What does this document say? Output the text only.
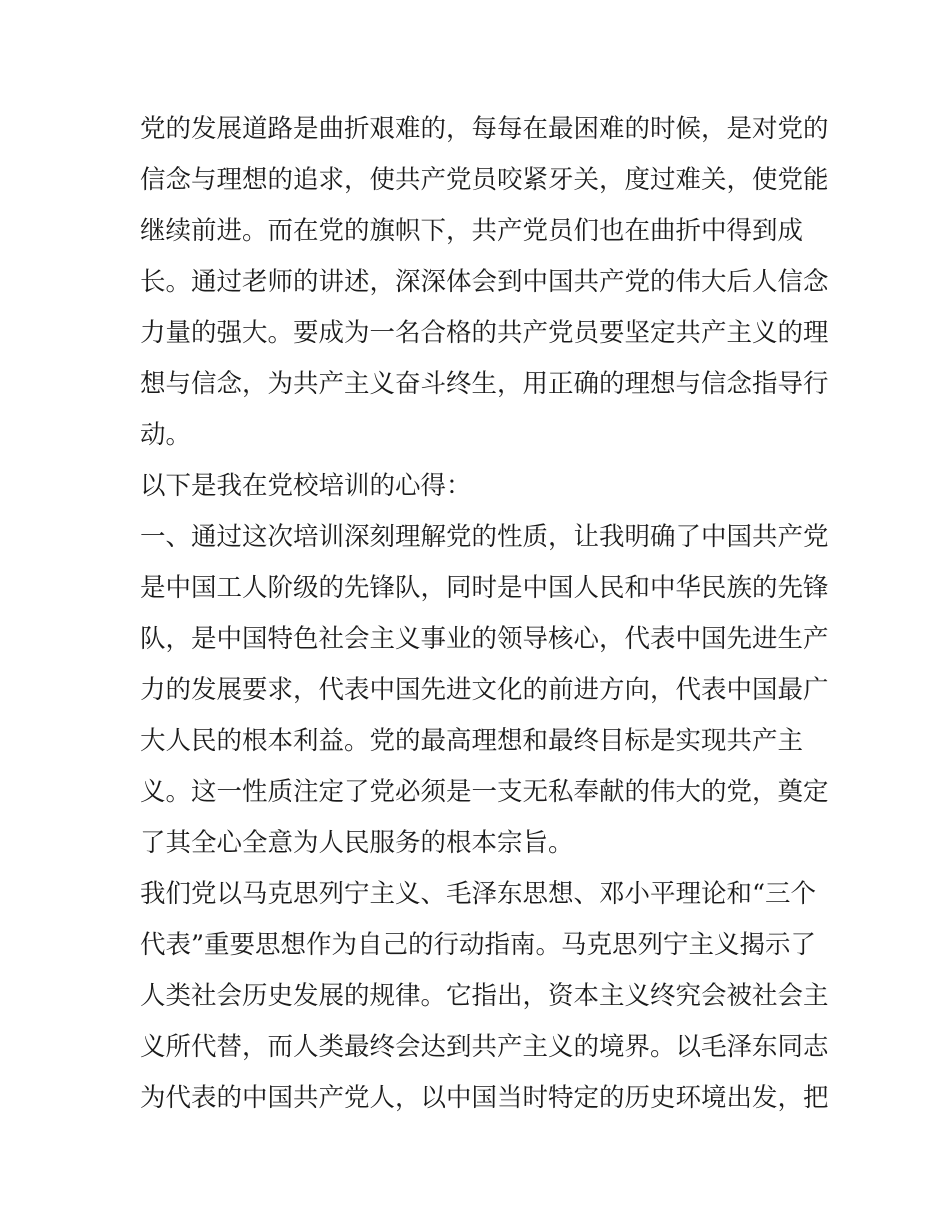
党的发展道路是曲折艰难的，每每在最困难的时候，是对党的
信念与理想的追求，使共产党员咬紧牙关，度过难关，使党能
继续前进。而在党的旗帜下，共产党员们也在曲折中得到成
长。通过老师的讲述，深深体会到中国共产党的伟大后人信念
力量的强大。要成为一名合格的共产党员要坚定共产主义的理
想与信念，为共产主义奋斗终生，用正确的理想与信念指导行
动。
以下是我在党校培训的心得：
一、通过这次培训深刻理解党的性质，让我明确了中国共产党
是中国工人阶级的先锋队，同时是中国人民和中华民族的先锋
队，是中国特色社会主义事业的领导核心，代表中国先进生产
力的发展要求，代表中国先进文化的前进方向，代表中国最广
大人民的根本利益。党的最高理想和最终目标是实现共产主
义。这一性质注定了党必须是一支无私奉献的伟大的党，奠定
了其全心全意为人民服务的根本宗旨。
我们党以马克思列宁主义、毛泽东思想、邓小平理论和“三个
代表”重要思想作为自己的行动指南。马克思列宁主义揭示了
人类社会历史发展的规律。它指出，资本主义终究会被社会主
义所代替，而人类最终会达到共产主义的境界。以毛泽东同志
为代表的中国共产党人，以中国当时特定的历史环境出发，把
